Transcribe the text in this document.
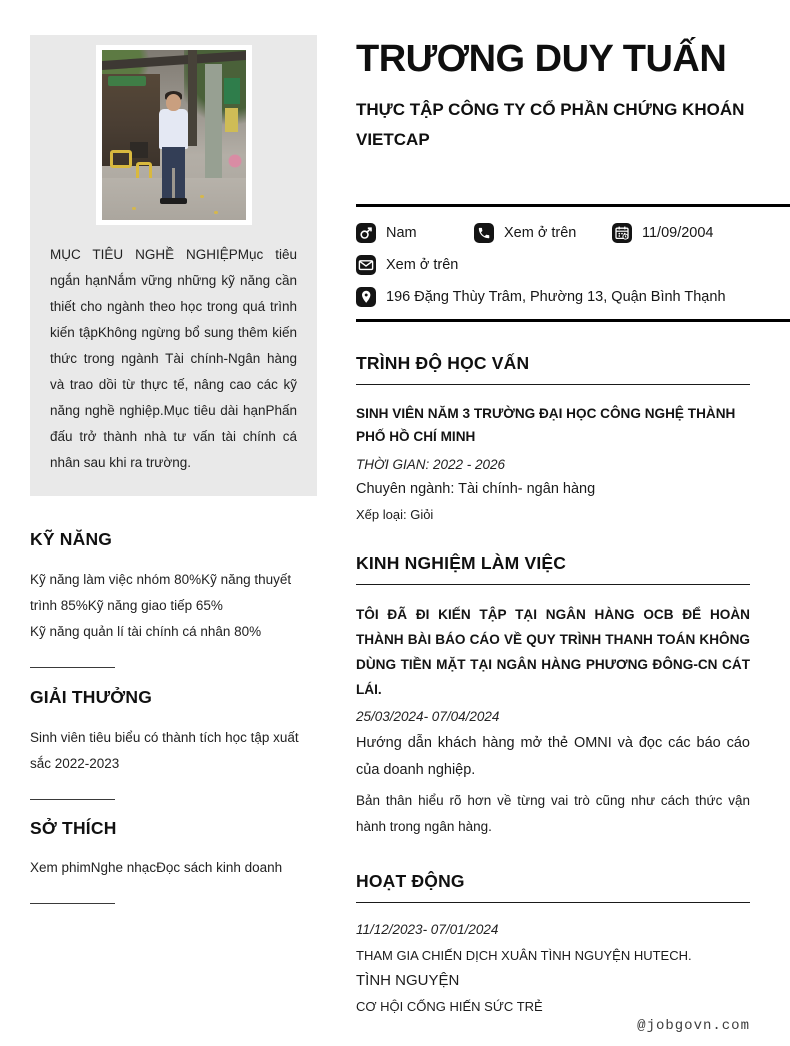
MỤC TIÊU NGHỀ NGHIỆPMục tiêu ngắn hạnNắm vững những kỹ năng cần thiết cho ngành theo học trong quá trình kiến tậpKhông ngừng bổ sung thêm kiến thức trong ngành Tài chính-Ngân hàng và trao dồi từ thực tế, nâng cao các kỹ năng nghề nghiệp.Mục tiêu dài hạnPhấn đấu trở thành nhà tư vấn tài chính cá nhân sau khi ra trường.

KỸ NĂNG

Kỹ năng làm việc nhóm 80%Kỹ năng thuyết trình 85%Kỹ năng giao tiếp 65%

Kỹ năng quản lí tài chính cá nhân 80%

GIẢI THƯỞNG

Sinh viên tiêu biểu có thành tích học tập xuất sắc 2022-2023

SỞ THÍCH

Xem phimNghe nhạcĐọc sách kinh doanh

TRƯƠNG DUY TUẤN
THỰC TẬP CÔNG TY CỔ PHẦN CHỨNG KHOÁN VIETCAP
Nam	Xem ở trên	11/09/2004
Xem ở trên
196 Đặng Thùy Trâm, Phường 13, Quận Bình Thạnh
TRÌNH ĐỘ HỌC VẤN

SINH VIÊN NĂM 3 TRƯỜNG ĐẠI HỌC CÔNG NGHỆ THÀNH PHỐ HỒ CHÍ MINH

THỜI GIAN: 2022 - 2026

Chuyên ngành: Tài chính- ngân hàng

Xếp loại: Giỏi

KINH NGHIỆM LÀM VIỆC

TÔI ĐÃ ĐI KIẾN TẬP TẠI NGÂN HÀNG OCB ĐỂ HOÀN THÀNH BÀI BÁO CÁO VỀ QUY TRÌNH THANH TOÁN KHÔNG DÙNG TIỀN MẶT TẠI NGÂN HÀNG PHƯƠNG ĐÔNG-CN CÁT LÁI.

25/03/2024- 07/04/2024

Hướng dẫn khách hàng mở thẻ OMNI và đọc các báo cáo của doanh nghiệp.

Bản thân hiểu rõ hơn về từng vai trò cũng như cách thức vận hành trong ngân hàng.

HOẠT ĐỘNG

11/12/2023- 07/01/2024

THAM GIA CHIẾN DỊCH XUÂN TÌNH NGUYỆN HUTECH.

TÌNH NGUYỆN

CƠ HỘI CỐNG HIẾN SỨC TRẺ

@jobgovn.com
